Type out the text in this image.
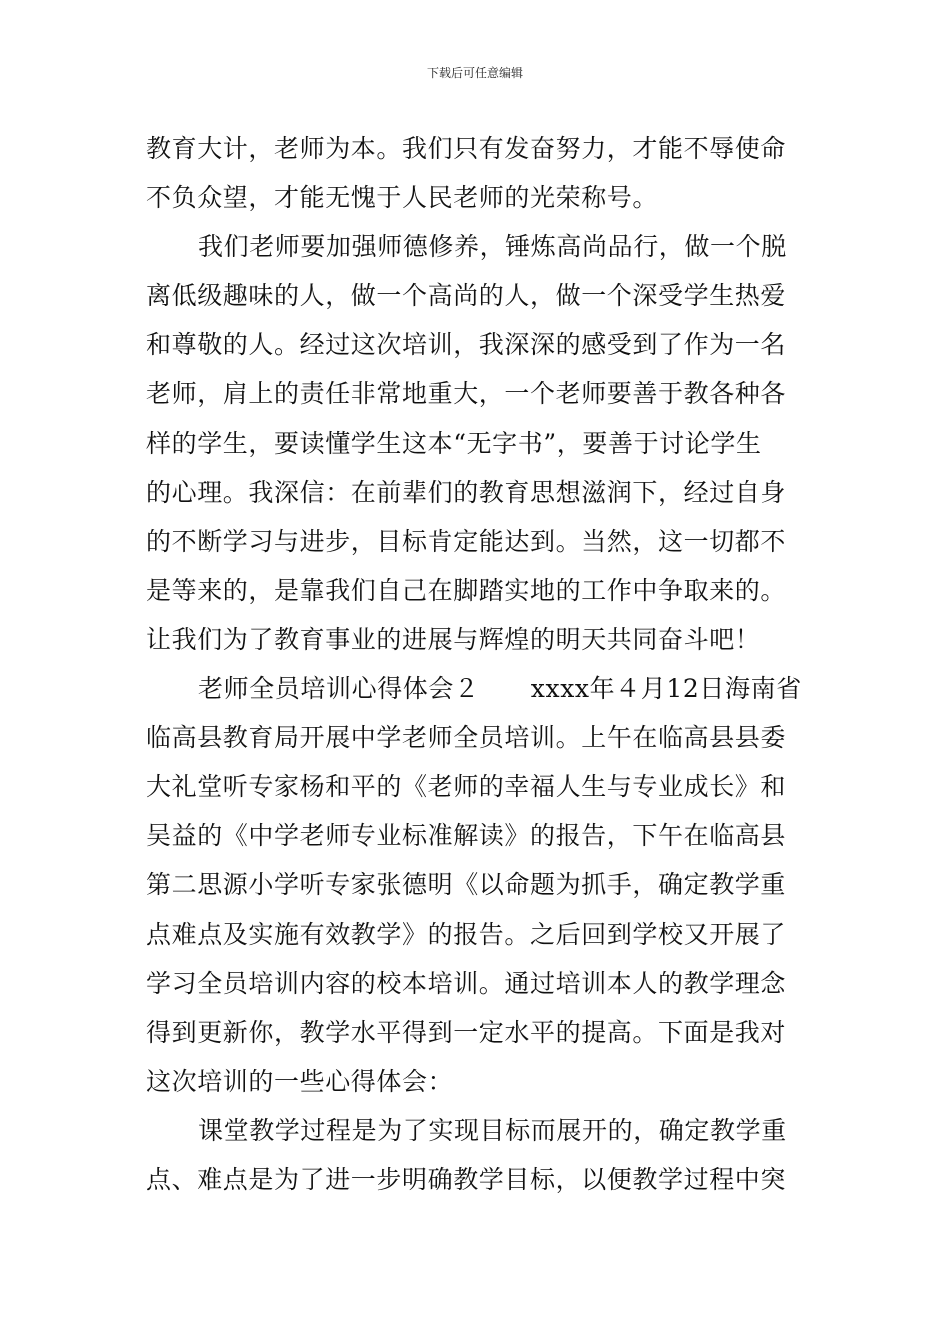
下载后可任意编辑
教育大计，老师为本。我们只有发奋努力，才能不辱使命
不负众望，才能无愧于人民老师的光荣称号。
我们老师要加强师德修养，锤炼高尚品行，做一个脱
离低级趣味的人，做一个高尚的人，做一个深受学生热爱
和尊敬的人。经过这次培训，我深深的感受到了作为一名
老师，肩上的责任非常地重大，一个老师要善于教各种各
样的学生，要读懂学生这本“无字书”，要善于讨论学生
的心理。我深信：在前辈们的教育思想滋润下，经过自身
的不断学习与进步，目标肯定能达到。当然，这一切都不
是等来的，是靠我们自己在脚踏实地的工作中争取来的。
让我们为了教育事业的进展与辉煌的明天共同奋斗吧！
老师全员培训心得体会２　　xxxx年４月12日海南省
临高县教育局开展中学老师全员培训。上午在临高县县委
大礼堂听专家杨和平的《老师的幸福人生与专业成长》和
吴益的《中学老师专业标准解读》的报告，下午在临高县
第二思源小学听专家张德明《以命题为抓手，确定教学重
点难点及实施有效教学》的报告。之后回到学校又开展了
学习全员培训内容的校本培训。通过培训本人的教学理念
得到更新你，教学水平得到一定水平的提高。下面是我对
这次培训的一些心得体会：
课堂教学过程是为了实现目标而展开的，确定教学重
点、难点是为了进一步明确教学目标，以便教学过程中突
